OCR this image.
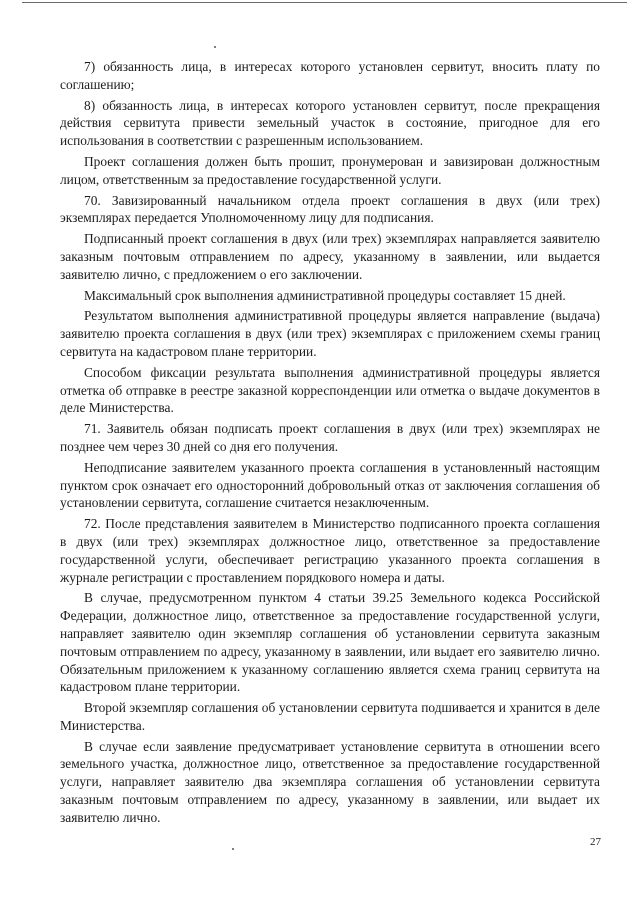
7) обязанность лица, в интересах которого установлен сервитут, вносить плату по соглашению;

8) обязанность лица, в интересах которого установлен сервитут, после прекращения действия сервитута привести земельный участок в состояние, пригодное для его использования в соответствии с разрешенным использованием.

Проект соглашения должен быть прошит, пронумерован и завизирован должностным лицом, ответственным за предоставление государственной услуги.

70. Завизированный начальником отдела проект соглашения в двух (или трех) экземплярах передается Уполномоченному лицу для подписания.

Подписанный проект соглашения в двух (или трех) экземплярах направляется заявителю заказным почтовым отправлением по адресу, указанному в заявлении, или выдается заявителю лично, с предложением о его заключении.

Максимальный срок выполнения административной процедуры составляет 15 дней.

Результатом выполнения административной процедуры является направление (выдача) заявителю проекта соглашения в двух (или трех) экземплярах с приложением схемы границ сервитута на кадастровом плане территории.

Способом фиксации результата выполнения административной процедуры является отметка об отправке в реестре заказной корреспонденции или отметка о выдаче документов в деле Министерства.

71. Заявитель обязан подписать проект соглашения в двух (или трех) экземплярах не позднее чем через 30 дней со дня его получения.

Неподписание заявителем указанного проекта соглашения в установленный настоящим пунктом срок означает его односторонний добровольный отказ от заключения соглашения об установлении сервитута, соглашение считается незаключенным.

72. После представления заявителем в Министерство подписанного проекта соглашения в двух (или трех) экземплярах должностное лицо, ответственное за предоставление государственной услуги, обеспечивает регистрацию указанного проекта соглашения в журнале регистрации с проставлением порядкового номера и даты.

В случае, предусмотренном пунктом 4 статьи 39.25 Земельного кодекса Российской Федерации, должностное лицо, ответственное за предоставление государственной услуги, направляет заявителю один экземпляр соглашения об установлении сервитута заказным почтовым отправлением по адресу, указанному в заявлении, или выдает его заявителю лично. Обязательным приложением к указанному соглашению является схема границ сервитута на кадастровом плане территории.

Второй экземпляр соглашения об установлении сервитута подшивается и хранится в деле Министерства.

В случае если заявление предусматривает установление сервитута в отношении всего земельного участка, должностное лицо, ответственное за предоставление государственной услуги, направляет заявителю два экземпляра соглашения об установлении сервитута заказным почтовым отправлением по адресу, указанному в заявлении, или выдает их заявителю лично.

27
